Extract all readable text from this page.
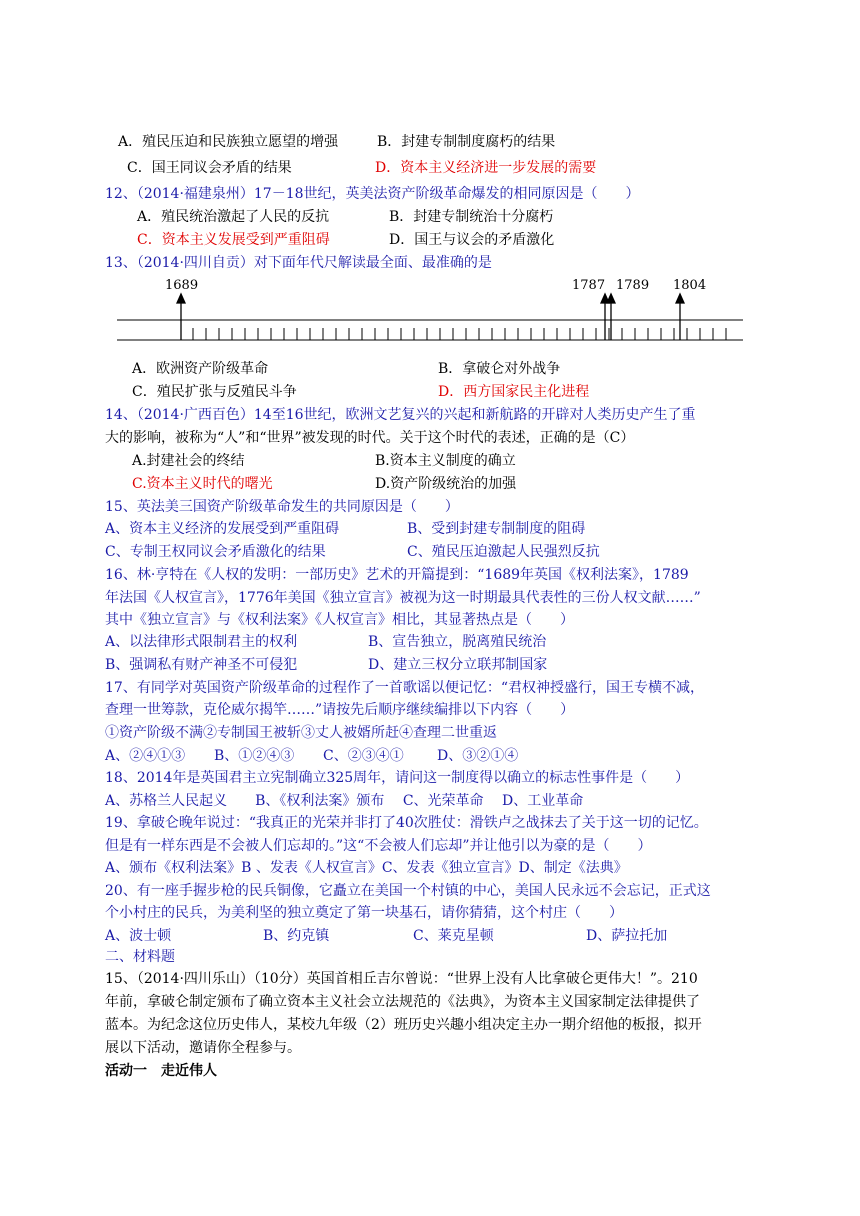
A．殖民压迫和民族独立愿望的增强	B．封建专制制度腐朽的结果
C．国王同议会矛盾的结果	D．资本主义经济进一步发展的需要
12、（2014·福建泉州）17－18世纪，英美法资产阶级革命爆发的相同原因是（　　）
A．殖民统治激起了人民的反抗	B．封建专制统治十分腐朽
C．资本主义发展受到严重阻碍	D．国王与议会的矛盾激化
13、（2014·四川自贡）对下面年代尺解读最全面、最准确的是
1689	1787 1789 1804
A．欧洲资产阶级革命	B．拿破仑对外战争
C．殖民扩张与反殖民斗争	D．西方国家民主化进程
14、（2014·广西百色）14至16世纪，欧洲文艺复兴的兴起和新航路的开辟对人类历史产生了重
大的影响，被称为“人”和“世界”被发现的时代。关于这个时代的表述，正确的是（C）
A.封建社会的终结	B.资本主义制度的确立
C.资本主义时代的曙光	D.资产阶级统治的加强
15、英法美三国资产阶级革命发生的共同原因是（　　）
A、资本主义经济的发展受到严重阻碍	B、受到封建专制制度的阻碍
C、专制王权同议会矛盾激化的结果	C、殖民压迫激起人民强烈反抗
16、林·亨特在《人权的发明：一部历史》艺术的开篇提到：“1689年英国《权利法案》，1789
年法国《人权宣言》，1776年美国《独立宣言》被视为这一时期最具代表性的三份人权文献……”
其中《独立宣言》与《权利法案》《人权宣言》相比，其显著热点是（　　）
A、以法律形式限制君主的权利	B、宣告独立，脱离殖民统治
B、强调私有财产神圣不可侵犯	D、建立三权分立联邦制国家
17、有同学对英国资产阶级革命的过程作了一首歌谣以便记忆：“君权神授盛行，国王专横不减，
查理一世筹款，克伦威尔揭竿……”请按先后顺序继续编排以下内容（　　）
①资产阶级不满②专制国王被斩③丈人被婿所赶④查理二世重返
A、②④①③ B、①②④③ C、②③④① D、③②①④
18、2014年是英国君主立宪制确立325周年，请问这一制度得以确立的标志性事件是（　　）
A、苏格兰人民起义　　B、《权利法案》颁布　 C、光荣革命　 D、工业革命
19、拿破仑晚年说过：“我真正的光荣并非打了40次胜仗：滑铁卢之战抹去了关于这一切的记忆。
但是有一样东西是不会被人们忘却的。”这“不会被人们忘却”并让他引以为豪的是（　　）
A、颁布《权利法案》B 、发表《人权宣言》C、发表《独立宣言》D、制定《法典》
20、有一座手握步枪的民兵铜像，它矗立在美国一个村镇的中心，美国人民永远不会忘记，正式这
个小村庄的民兵，为美利坚的独立奠定了第一块基石，请你猜猜，这个村庄（　　）
A、波士顿	B、约克镇	C、莱克星顿	D、萨拉托加
二、材料题
15、（2014·四川乐山）（10分）英国首相丘吉尔曾说：“世界上没有人比拿破仑更伟大！”。210
年前，拿破仑制定颁布了确立资本主义社会立法规范的《法典》，为资本主义国家制定法律提供了
蓝本。为纪念这位历史伟人，某校九年级（2）班历史兴趣小组决定主办一期介绍他的板报，拟开
展以下活动，邀请你全程参与。
活动一　走近伟人
